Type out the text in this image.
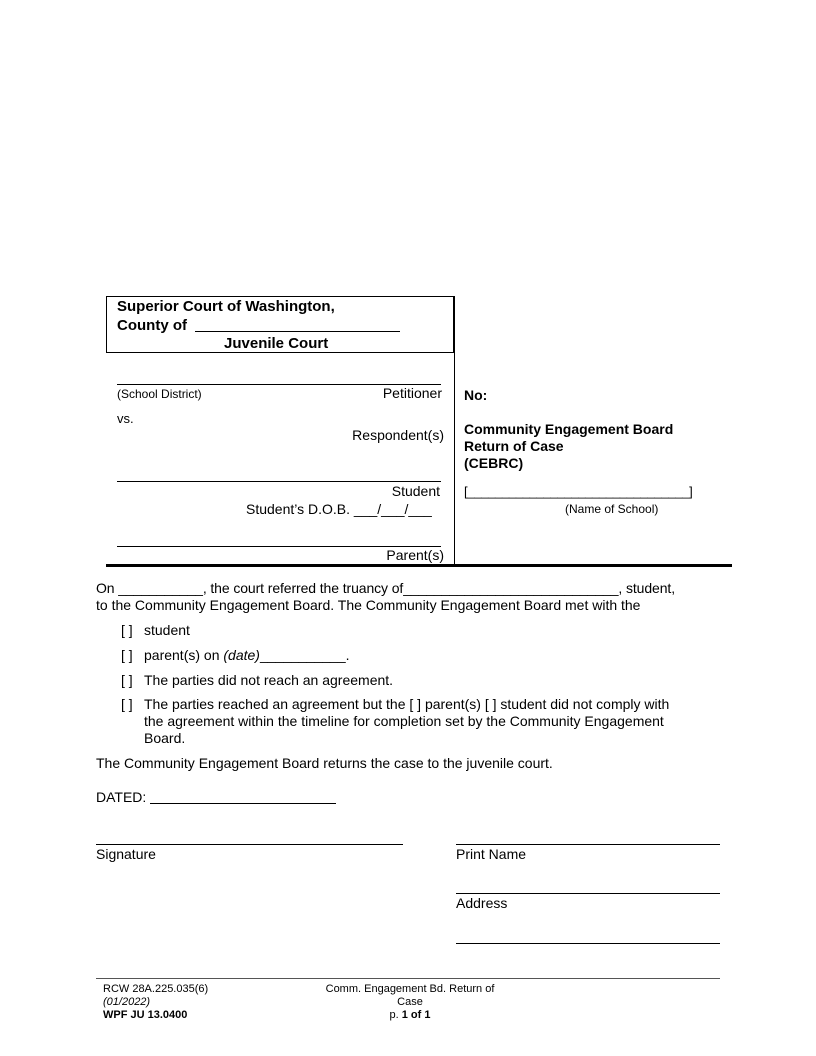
Superior Court of Washington,
County of
Juvenile Court
(School District)	Petitioner
vs.
Respondent(s)
Student
Student’s D.O.B. ___/___/___
Parent(s)
No:
Community Engagement Board
Return of Case
(CEBRC)
[________________________________]
(Name of School)
On ___________, the court referred the truancy of____________________________, student,
to the Community Engagement Board. The Community Engagement Board met with the
[ ] student
[ ] parent(s) on (date)___________.
[ ] The parties did not reach an agreement.
[ ] The parties reached an agreement but the [ ] parent(s) [ ] student did not comply with
the agreement within the timeline for completion set by the Community Engagement
Board.
The Community Engagement Board returns the case to the juvenile court.
DATED:
Signature	Print Name
Address
RCW 28A.225.035(6)
(01/2022)
WPF JU 13.0400
Comm. Engagement Bd. Return of
Case
p. 1 of 1
